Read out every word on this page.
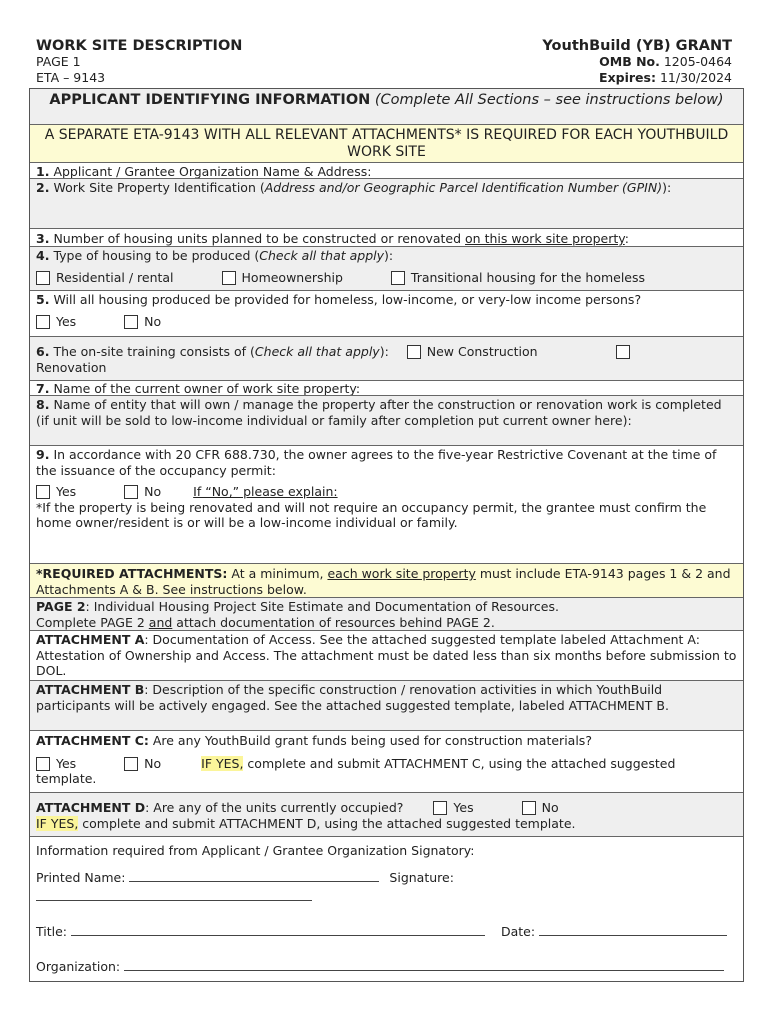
WORK SITE DESCRIPTION
PAGE 1
ETA – 9143
YouthBuild (YB) GRANT
OMB No. 1205-0464
Expires: 11/30/2024
APPLICANT IDENTIFYING INFORMATION (Complete All Sections – see instructions below)
A SEPARATE ETA-9143 WITH ALL RELEVANT ATTACHMENTS* IS REQUIRED FOR EACH YOUTHBUILD WORK SITE
1. Applicant / Grantee Organization Name & Address:
2. Work Site Property Identification (Address and/or Geographic Parcel Identification Number (GPIN)):
3. Number of housing units planned to be constructed or renovated on this work site property:
4. Type of housing to be produced (Check all that apply):
Residential / rental	Homeownership	Transitional housing for the homeless
5. Will all housing produced be provided for homeless, low-income, or very-low income persons?
Yes	No
6. The on-site training consists of (Check all that apply):	New Construction
Renovation
7. Name of the current owner of work site property:
8. Name of entity that will own / manage the property after the construction or renovation work is completed (if unit will be sold to low-income individual or family after completion put current owner here):
9. In accordance with 20 CFR 688.730, the owner agrees to the five-year Restrictive Covenant at the time of the issuance of the occupancy permit:
Yes	No	If “No,” please explain:
*If the property is being renovated and will not require an occupancy permit, the grantee must confirm the home owner/resident is or will be a low-income individual or family.
*REQUIRED ATTACHMENTS: At a minimum, each work site property must include ETA-9143 pages 1 & 2 and Attachments A & B. See instructions below.
PAGE 2: Individual Housing Project Site Estimate and Documentation of Resources.
Complete PAGE 2 and attach documentation of resources behind PAGE 2.
ATTACHMENT A: Documentation of Access. See the attached suggested template labeled Attachment A: Attestation of Ownership and Access. The attachment must be dated less than six months before submission to DOL.
ATTACHMENT B: Description of the specific construction / renovation activities in which YouthBuild participants will be actively engaged. See the attached suggested template, labeled ATTACHMENT B.
ATTACHMENT C: Are any YouthBuild grant funds being used for construction materials?
Yes	No	IF YES, complete and submit ATTACHMENT C, using the attached suggested template.
ATTACHMENT D: Are any of the units currently occupied?	Yes	No
IF YES, complete and submit ATTACHMENT D, using the attached suggested template.
Information required from Applicant / Grantee Organization Signatory:
Printed Name:	Signature:
Title:	Date:
Organization:
